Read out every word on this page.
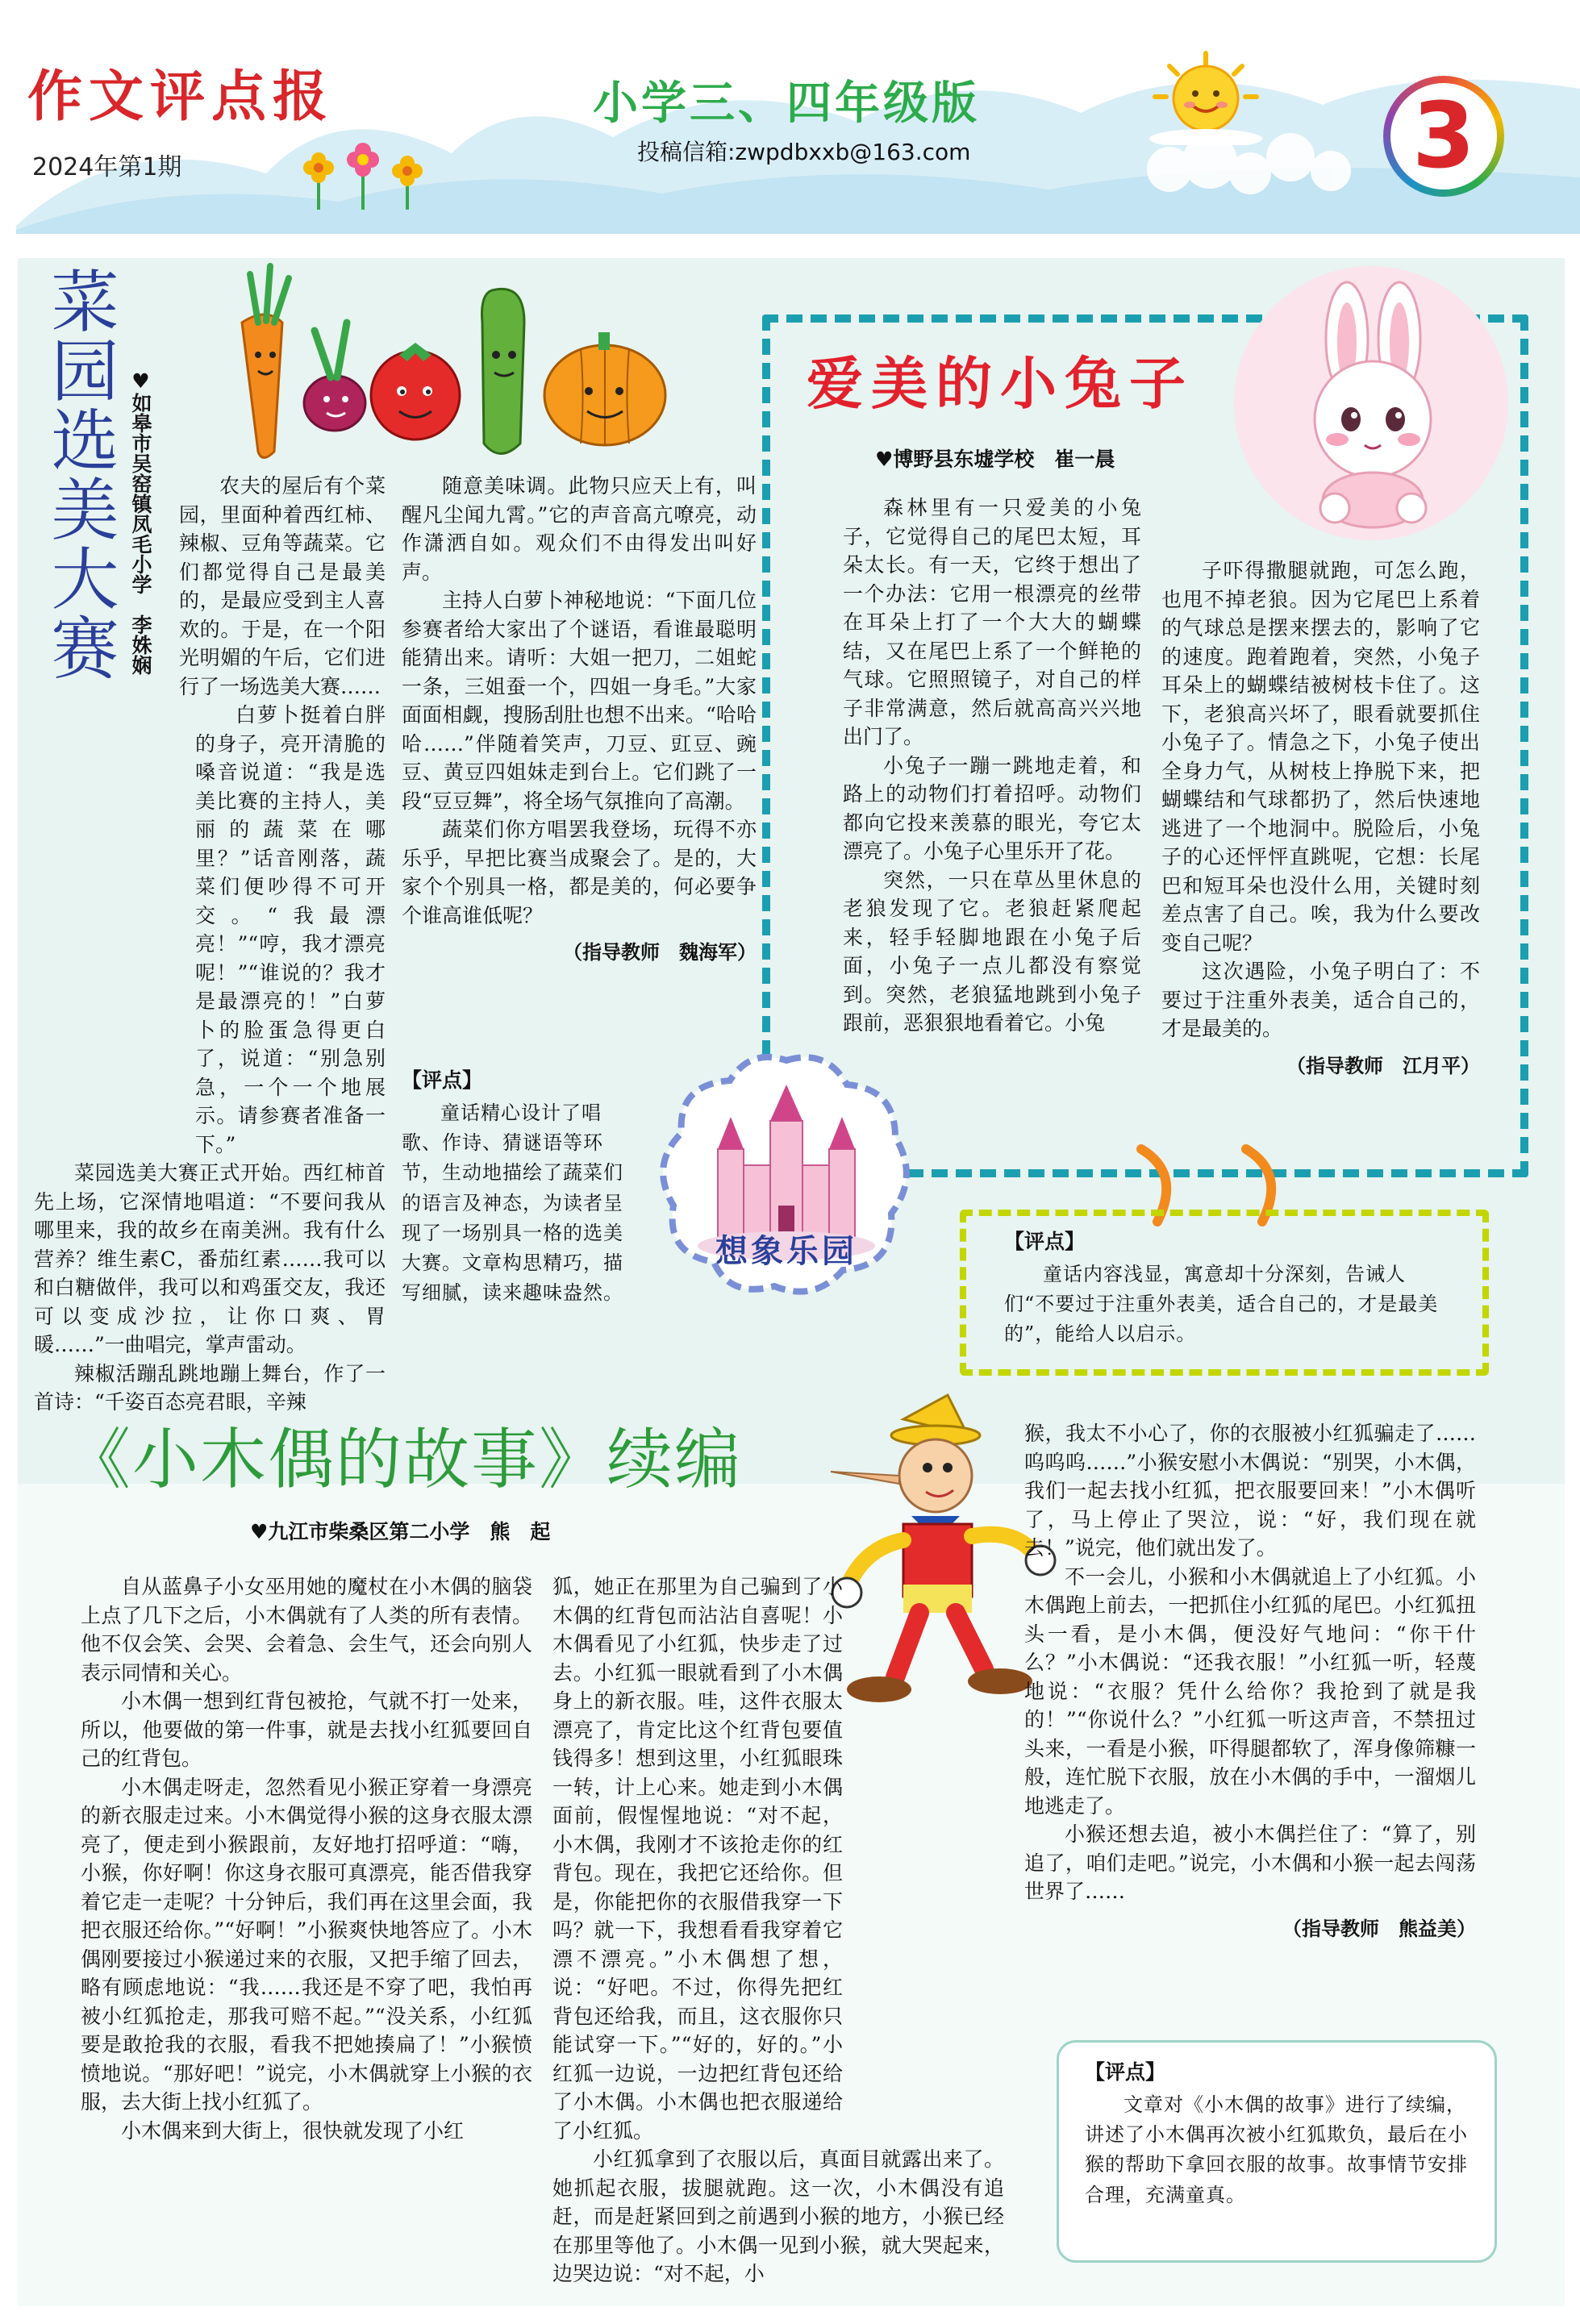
作文评点报
2024年第1期
小学三、四年级版
投稿信箱:zwpdbxxb@163.com	3
菜园选美大赛 ♥如皋市吴窑镇凤毛小学　李姝娴	农夫的屋后有个菜园，里面种着西红柿、辣椒、豆角等蔬菜。它们都觉得自己是最美的，是最应受到主人喜欢的。于是，在一个阳光明媚的午后，它们进行了一场选美大赛……

白萝卜挺着白胖的身子，亮开清脆的嗓音说道：“我是选美比赛的主持人，美丽的蔬菜在哪里？”话音刚落，蔬菜们便吵得不可开交。“我最漂亮！”“哼，我才漂亮呢！”“谁说的？我才是最漂亮的！”白萝卜的脸蛋急得更白了，说道：“别急别急，一个一个地展示。请参赛者准备一下。”

菜园选美大赛正式开始。西红柿首先上场，它深情地唱道：“不要问我从哪里来，我的故乡在南美洲。我有什么营养？维生素C，番茄红素……我可以和白糖做伴，我可以和鸡蛋交友，我还可以变成沙拉，让你口爽、胃暖……”一曲唱完，掌声雷动。

辣椒活蹦乱跳地蹦上舞台，作了一首诗：“千姿百态亮君眼，辛辣

随意美味调。此物只应天上有，叫醒凡尘闻九霄。”它的声音高亢嘹亮，动作潇洒自如。观众们不由得发出叫好声。

主持人白萝卜神秘地说：“下面几位参赛者给大家出了个谜语，看谁最聪明能猜出来。请听：大姐一把刀，二姐蛇一条，三姐蚕一个，四姐一身毛。”大家面面相觑，搜肠刮肚也想不出来。“哈哈哈……”伴随着笑声，刀豆、豇豆、豌豆、黄豆四姐妹走到台上。它们跳了一段“豆豆舞”，将全场气氛推向了高潮。

蔬菜们你方唱罢我登场，玩得不亦乐乎，早把比赛当成聚会了。是的，大家个个别具一格，都是美的，何必要争个谁高谁低呢？

（指导教师　魏海军）
【评点】

童话精心设计了唱歌、作诗、猜谜语等环节，生动地描绘了蔬菜们的语言及神态，为读者呈现了一场别具一格的选美大赛。文章构思精巧，描写细腻，读来趣味盎然。

爱美的小兔子
♥博野县东墟学校　崔一晨

森林里有一只爱美的小兔子，它觉得自己的尾巴太短，耳朵太长。有一天，它终于想出了一个办法：它用一根漂亮的丝带在耳朵上打了一个大大的蝴蝶结，又在尾巴上系了一个鲜艳的气球。它照照镜子，对自己的样子非常满意，然后就高高兴兴地出门了。

小兔子一蹦一跳地走着，和路上的动物们打着招呼。动物们都向它投来羡慕的眼光，夸它太漂亮了。小兔子心里乐开了花。

突然，一只在草丛里休息的老狼发现了它。老狼赶紧爬起来，轻手轻脚地跟在小兔子后面，小兔子一点儿都没有察觉到。突然，老狼猛地跳到小兔子跟前，恶狠狠地看着它。小兔

子吓得撒腿就跑，可怎么跑，也甩不掉老狼。因为它尾巴上系着的气球总是摆来摆去的，影响了它的速度。跑着跑着，突然，小兔子耳朵上的蝴蝶结被树枝卡住了。这下，老狼高兴坏了，眼看就要抓住小兔子了。情急之下，小兔子使出全身力气，从树枝上挣脱下来，把蝴蝶结和气球都扔了，然后快速地逃进了一个地洞中。脱险后，小兔子的心还怦怦直跳呢，它想：长尾巴和短耳朵也没什么用，关键时刻差点害了自己。唉，我为什么要改变自己呢？

这次遇险，小兔子明白了：不要过于注重外表美，适合自己的，才是最美的。

（指导教师　江月平）
【评点】

童话内容浅显，寓意却十分深刻，告诫人们“不要过于注重外表美，适合自己的，才是最美的”，能给人以启示。

想象乐园
《小木偶的故事》续编
♥九江市柴桑区第二小学　熊　起

自从蓝鼻子小女巫用她的魔杖在小木偶的脑袋上点了几下之后，小木偶就有了人类的所有表情。他不仅会笑、会哭、会着急、会生气，还会向别人表示同情和关心。

小木偶一想到红背包被抢，气就不打一处来，所以，他要做的第一件事，就是去找小红狐要回自己的红背包。

小木偶走呀走，忽然看见小猴正穿着一身漂亮的新衣服走过来。小木偶觉得小猴的这身衣服太漂亮了，便走到小猴跟前，友好地打招呼道：“嗨，小猴，你好啊！你这身衣服可真漂亮，能否借我穿着它走一走呢？十分钟后，我们再在这里会面，我把衣服还给你。”“好啊！”小猴爽快地答应了。小木偶刚要接过小猴递过来的衣服，又把手缩了回去，略有顾虑地说：“我……我还是不穿了吧，我怕再被小红狐抢走，那我可赔不起。”“没关系，小红狐要是敢抢我的衣服，看我不把她揍扁了！”小猴愤愤地说。“那好吧！”说完，小木偶就穿上小猴的衣服，去大街上找小红狐了。

小木偶来到大街上，很快就发现了小红

狐，她正在那里为自己骗到了小木偶的红背包而沾沾自喜呢！小木偶看见了小红狐，快步走了过去。小红狐一眼就看到了小木偶身上的新衣服。哇，这件衣服太漂亮了，肯定比这个红背包要值钱得多！想到这里，小红狐眼珠一转，计上心来。她走到小木偶面前，假惺惺地说：“对不起，小木偶，我刚才不该抢走你的红背包。现在，我把它还给你。但是，你能把你的衣服借我穿一下吗？就一下，我想看看我穿着它漂不漂亮。”小木偶想了想，说：“好吧。不过，你得先把红背包还给我，而且，这衣服你只能试穿一下。”“好的，好的。”小红狐一边说，一边把红背包还给了小木偶。小木偶也把衣服递给了小红狐。

小红狐拿到了衣服以后，真面目就露出来了。她抓起衣服，拔腿就跑。这一次，小木偶没有追赶，而是赶紧回到之前遇到小猴的地方，小猴已经在那里等他了。小木偶一见到小猴，就大哭起来，边哭边说：“对不起，小

猴，我太不小心了，你的衣服被小红狐骗走了……呜呜呜……”小猴安慰小木偶说：“别哭，小木偶，我们一起去找小红狐，把衣服要回来！”小木偶听了，马上停止了哭泣，说：“好，我们现在就去！”说完，他们就出发了。

不一会儿，小猴和小木偶就追上了小红狐。小木偶跑上前去，一把抓住小红狐的尾巴。小红狐扭头一看，是小木偶，便没好气地问：“你干什么？”小木偶说：“还我衣服！”小红狐一听，轻蔑地说：“衣服？凭什么给你？我抢到了就是我的！”“你说什么？”小红狐一听这声音，不禁扭过头来，一看是小猴，吓得腿都软了，浑身像筛糠一般，连忙脱下衣服，放在小木偶的手中，一溜烟儿地逃走了。

小猴还想去追，被小木偶拦住了：“算了，别追了，咱们走吧。”说完，小木偶和小猴一起去闯荡世界了……

（指导教师　熊益美）
【评点】

文章对《小木偶的故事》进行了续编，讲述了小木偶再次被小红狐欺负，最后在小猴的帮助下拿回衣服的故事。故事情节安排合理，充满童真。
